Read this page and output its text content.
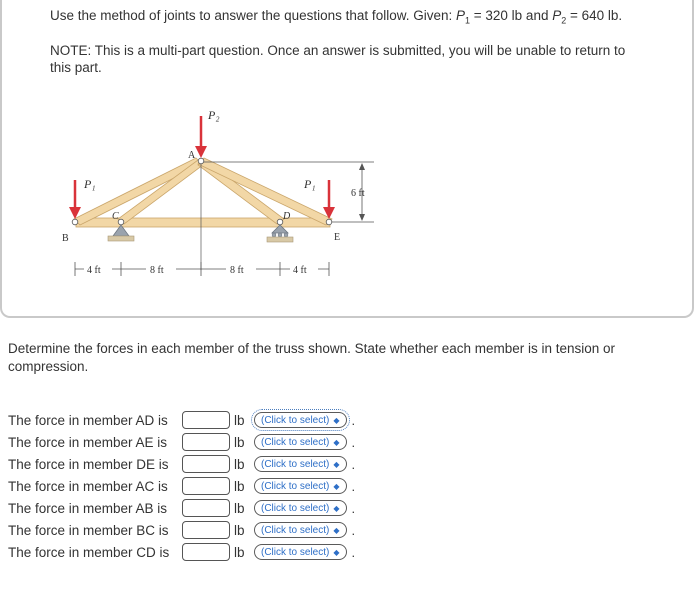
Use the method of joints to answer the questions that follow. Given: $P_1 = 320$ lb and $P_2 = 640$ lb.
NOTE: This is a multi-part question. Once an answer is submitted, you will be unable to return to
this part.
6 ft
P₂
P₁	P₁
A
B
C	D
E
4 ft	8 ft	8 ft	4 ft
Determine the forces in each member of the truss shown. State whether each member is in tension or compression.
The force in member AD is	lb	(Click to select) ◆ .
The force in member AE is	lb	(Click to select) ◆ .
The force in member DE is	lb	(Click to select) ◆ .
The force in member AC is	lb	(Click to select) ◆ .
The force in member AB is	lb	(Click to select) ◆ .
The force in member BC is	lb	(Click to select) ◆ .
The force in member CD is	lb	(Click to select) ◆ .
